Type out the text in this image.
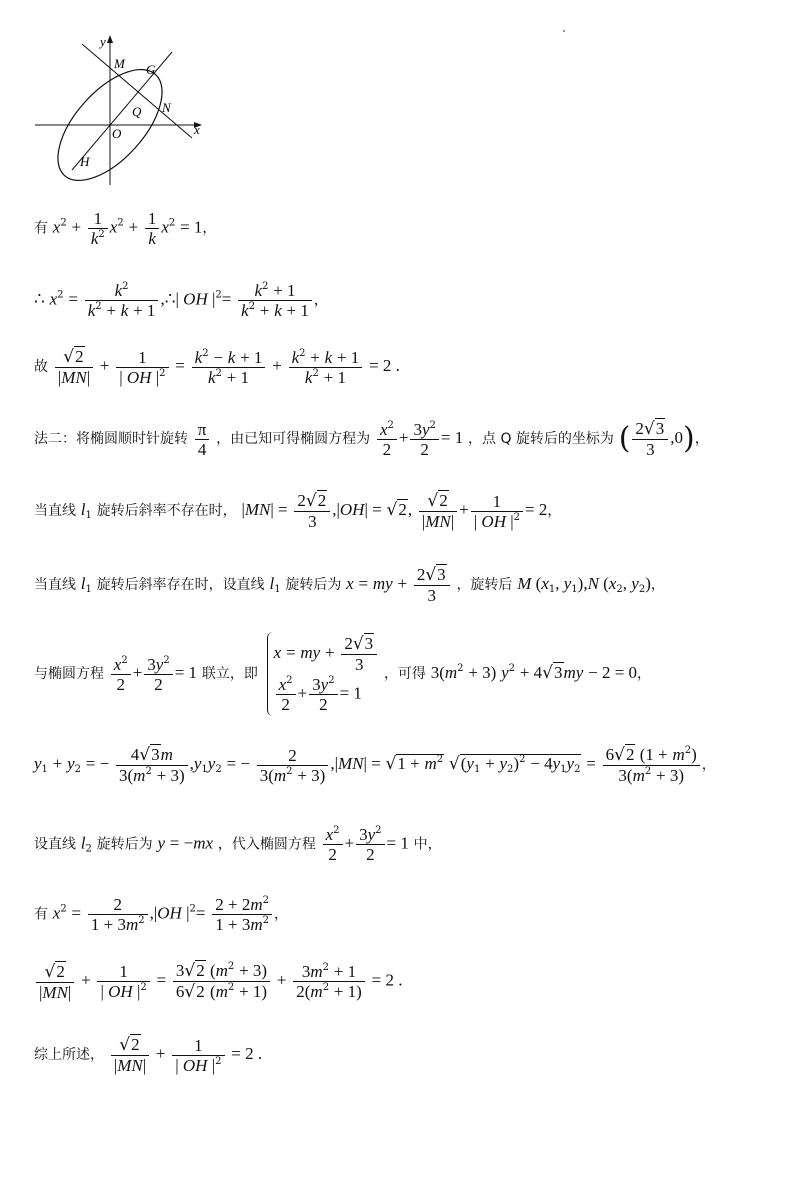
y
x
M G
Q N
O
H
有 $x^2 + \frac{1}{k^2} x^2 + \frac{1}{k} x^2 = 1$，
∴ $x^2 = \frac{k^2}{k^2 + k + 1}$ ,∴| OH $|^2= \frac{k^2 + 1}{k^2 + k + 1}$ ，
故 $\frac{√2}{|MN|} + \frac{1}{| OH |^2} = \frac{k^2 - k + 1}{k^2 + 1} + \frac{k^2 + k + 1}{k^2 + 1} = 2$ .
法二：将椭圆顺时针旋转 $\frac{\pi}{4}$ ，由已知可得椭圆方程为 $\frac{x^2}{2} + \frac{3y^2}{2} = 1$ ，点 Q 旋转后的坐标为 ( $\frac{2√3}{3} ,0$)，
当直线 $l_1$ 旋转后斜率不存在时， $|MN| = \frac{2√2}{3} ,|OH| = √2$, $\frac{√2}{|MN|} + \frac{1}{| OH |^2} = 2$，
当直线 $l_1$ 旋转后斜率存在时，设直线 $l_1$ 旋转后为 x = my + $\frac{2√3}{3}$ ，旋转后 M ($x_1$, $y_1),N$ ($x_2$, $y_2$)，
与椭圆方程 $\frac{x^2}{2} + \frac{3y^2}{2} = 1$ 联立，即
x = my + $\frac{2√3}{3}$
$\frac{x^2}{2} + \frac{3y^2}{2} = 1$
，可得 $3(m^2 + 3) y^2 + 4√3my - 2 = 0$，
$y_1 + y_2$ = − $\frac{4√3m}{3(m^2 + 3)} ,y_1y_2$ = − $\frac{2}{3(m^2 + 3)} ,|MN| = √1 + m^2$ $√(y_1 + y_2)^2 - 4y_1y_2 = \frac{6√2 (1 + m^2)}{3(m^2 + 3)}$ ，
设直线 $l_2$ 旋转后为 y = −mx ，代入椭圆方程 $\frac{x^2}{2} + \frac{3y^2}{2} = 1$ 中，
有 $x^2 = \frac{2}{1 + 3m^2} ,|OH$ $|^2= \frac{2 + 2m^2}{1 + 3m^2}$ ，
$\frac{√2}{|MN|} + \frac{1}{| OH |^2} = \frac{3√2 (m^2 + 3)}{6√2 (m^2 + 1)} + \frac{3m^2 + 1}{2(m^2 + 1)} = 2$ .
综上所述， $\frac{√2}{|MN|} + \frac{1}{| OH |^2} = 2$ .
